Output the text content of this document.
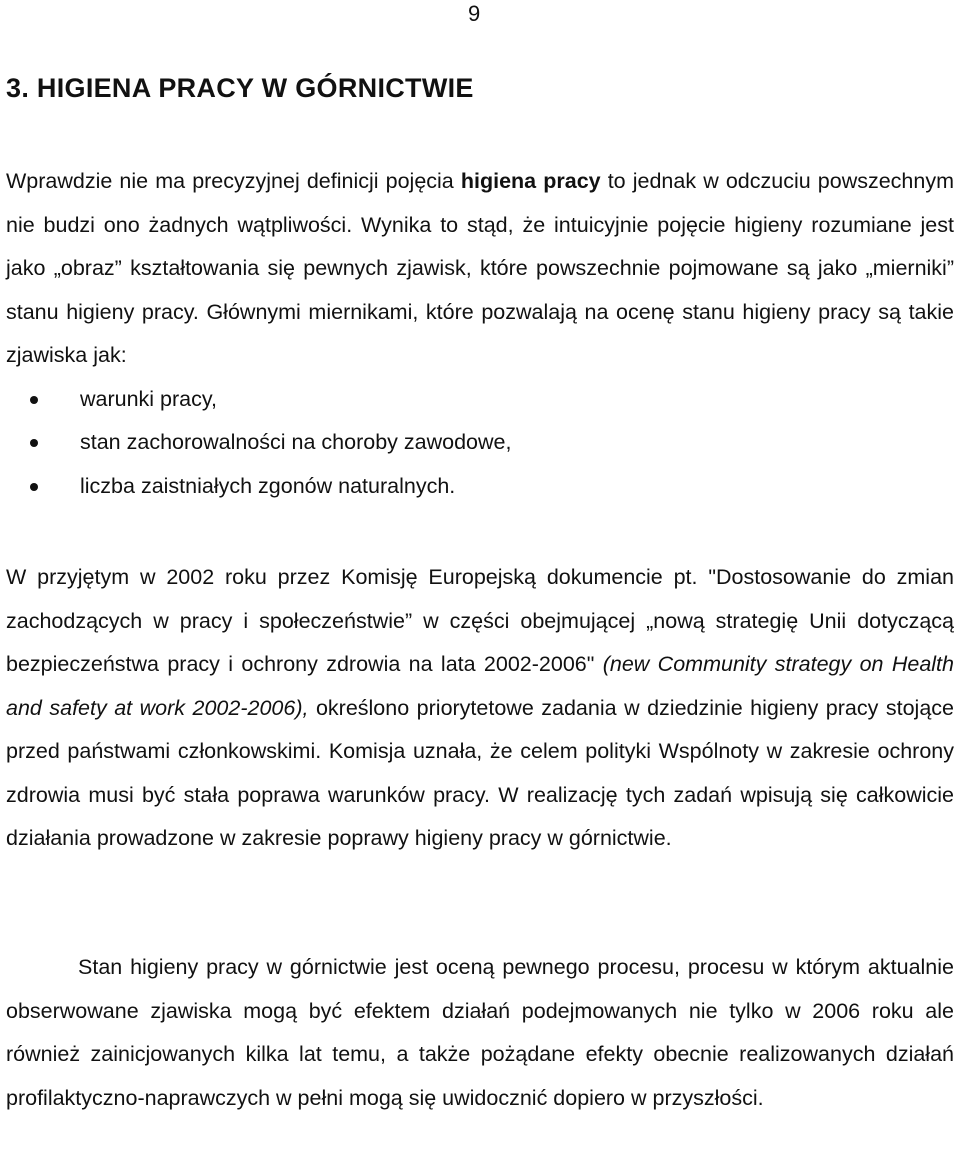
9
3. HIGIENA PRACY W GÓRNICTWIE

Wprawdzie nie ma precyzyjnej definicji pojęcia higiena pracy to jednak w odczuciu powszechnym nie budzi ono żadnych wątpliwości. Wynika to stąd, że intuicyjnie pojęcie higieny rozumiane jest jako „obraz” kształtowania się pewnych zjawisk, które powszechnie pojmowane są jako „mierniki” stanu higieny pracy. Głównymi miernikami, które pozwalają na ocenę stanu higieny pracy są takie zjawiska jak:

warunki pracy,
stan zachorowalności na choroby zawodowe,
liczba zaistniałych zgonów naturalnych.

W przyjętym w 2002 roku przez Komisję Europejską dokumencie pt. "Dostosowanie do zmian zachodzących w pracy i społeczeństwie” w części obejmującej „nową strategię Unii dotyczącą bezpieczeństwa pracy i ochrony zdrowia na lata 2002-2006" (new Community strategy on Health and safety at work 2002-2006), określono priorytetowe zadania w dziedzinie higieny pracy stojące przed państwami członkowskimi. Komisja uznała, że celem polityki Wspólnoty w zakresie ochrony zdrowia musi być stała poprawa warunków pracy. W realizację tych zadań wpisują się całkowicie działania prowadzone w zakresie poprawy higieny pracy w górnictwie.

Stan higieny pracy w górnictwie jest oceną pewnego procesu, procesu w którym aktualnie obserwowane zjawiska mogą być efektem działań podejmowanych nie tylko w 2006 roku ale również zainicjowanych kilka lat temu, a także pożądane efekty obecnie realizowanych działań profilaktyczno-naprawczych w pełni mogą się uwidocznić dopiero w przyszłości.
